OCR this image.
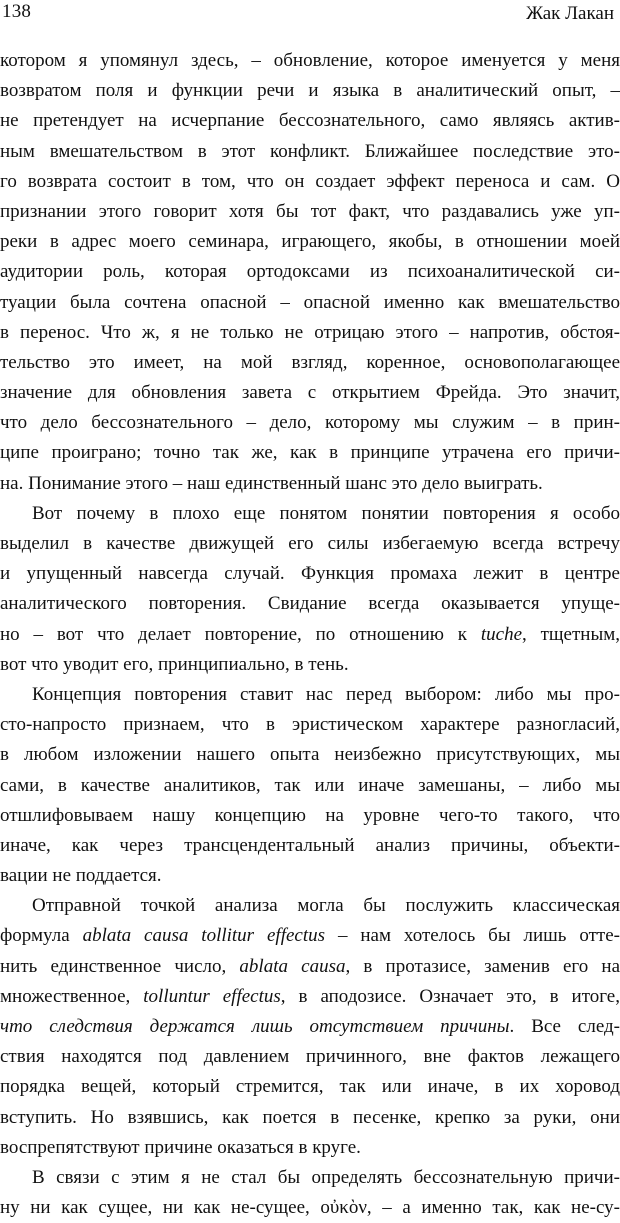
138	Жак Лакан
котором я упомянул здесь, – обновление, которое именуется у меня
возвратом поля и функции речи и языка в аналитический опыт, –
не претендует на исчерпание бессознательного, само являясь актив-
ным вмешательством в этот конфликт. Ближайшее последствие это-
го возврата состоит в том, что он создает эффект переноса и сам. О
признании этого говорит хотя бы тот факт, что раздавались уже уп-
реки в адрес моего семинара, играющего, якобы, в отношении моей
аудитории роль, которая ортодоксами из психоаналитической си-
туации была сочтена опасной – опасной именно как вмешательство
в перенос. Что ж, я не только не отрицаю этого – напротив, обстоя-
тельство это имеет, на мой взгляд, коренное, основополагающее
значение для обновления завета с открытием Фрейда. Это значит,
что дело бессознательного – дело, которому мы служим – в прин-
ципе проиграно; точно так же, как в принципе утрачена его причи-
на. Понимание этого – наш единственный шанс это дело выиграть.
Вот почему в плохо еще понятом понятии повторения я особо
выделил в качестве движущей его силы избегаемую всегда встречу
и упущенный навсегда случай. Функция промаха лежит в центре
аналитического повторения. Свидание всегда оказывается упуще-
но – вот что делает повторение, по отношению к tuche, тщетным,
вот что уводит его, принципиально, в тень.
Концепция повторения ставит нас перед выбором: либо мы про-
сто-напросто признаем, что в эристическом характере разногласий,
в любом изложении нашего опыта неизбежно присутствующих, мы
сами, в качестве аналитиков, так или иначе замешаны, – либо мы
отшлифовываем нашу концепцию на уровне чего-то такого, что
иначе, как через трансцендентальный анализ причины, объекти-
вации не поддается.
Отправной точкой анализа могла бы послужить классическая
формула ablata causa tollitur effectus – нам хотелось бы лишь отте-
нить единственное число, ablata causa, в протазисе, заменив его на
множественное, tolluntur effectus, в аподозисе. Означает это, в итоге,
что следствия держатся лишь отсутствием причины. Все след-
ствия находятся под давлением причинного, вне фактов лежащего
порядка вещей, который стремится, так или иначе, в их хоровод
вступить. Но взявшись, как поется в песенке, крепко за руки, они
воспрепятствуют причине оказаться в круге.
В связи с этим я не стал бы определять бессознательную причи-
ну ни как сущее, ни как не-сущее, οὐκὸν, – а именно так, как не-су-
